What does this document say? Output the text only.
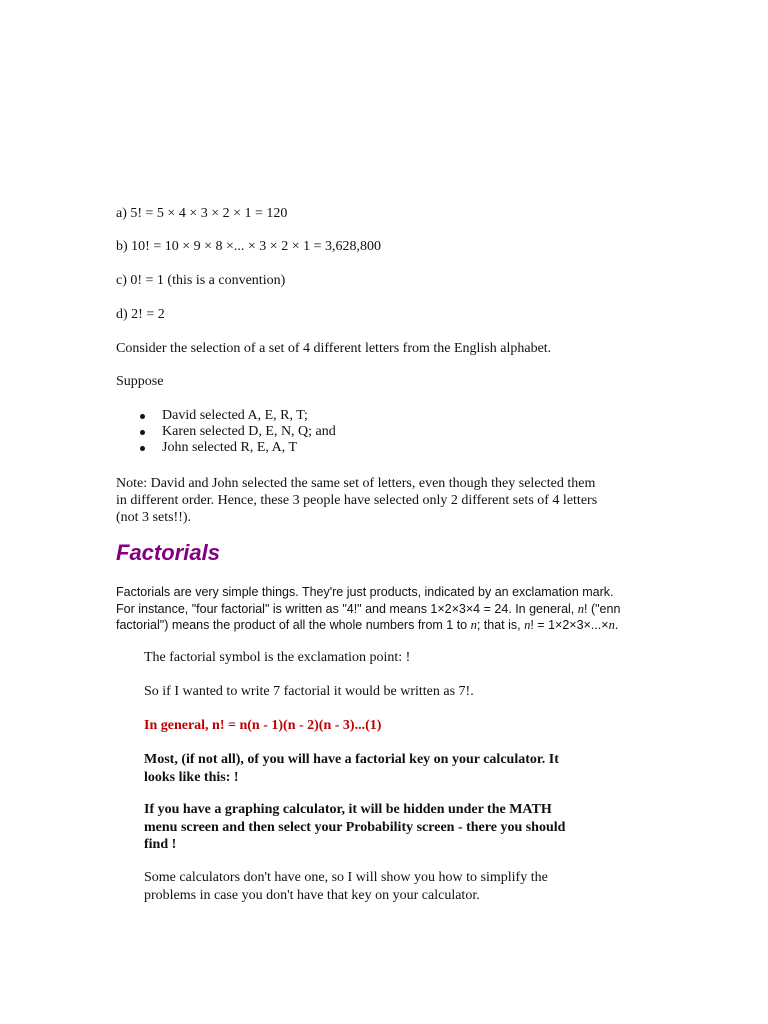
a) 5! = 5 × 4 × 3 × 2 × 1 = 120
b) 10! = 10 × 9 × 8 ×... × 3 × 2 × 1 = 3,628,800
c) 0! = 1 (this is a convention)
d) 2! = 2
Consider the selection of a set of 4 different letters from the English alphabet.
Suppose
David selected A, E, R, T;
Karen selected D, E, N, Q; and
John selected R, E, A, T
Note: David and John selected the same set of letters, even though they selected them
in different order. Hence, these 3 people have selected only 2 different sets of 4 letters
(not 3 sets!!).
Factorials
Factorials are very simple things. They're just products, indicated by an exclamation mark.
For instance, "four factorial" is written as "4!" and means 1×2×3×4 = 24. In general, n! ("enn
factorial") means the product of all the whole numbers from 1 to n; that is, n! = 1×2×3×...×n.
The factorial symbol is the exclamation point: !
So if I wanted to write 7 factorial it would be written as 7!.
In general, n! = n(n - 1)(n - 2)(n - 3)...(1)
Most, (if not all), of you will have a factorial key on your calculator. It
looks like this: !
If you have a graphing calculator, it will be hidden under the MATH
menu screen and then select your Probability screen - there you should
find !
Some calculators don't have one, so I will show you how to simplify the
problems in case you don't have that key on your calculator.
